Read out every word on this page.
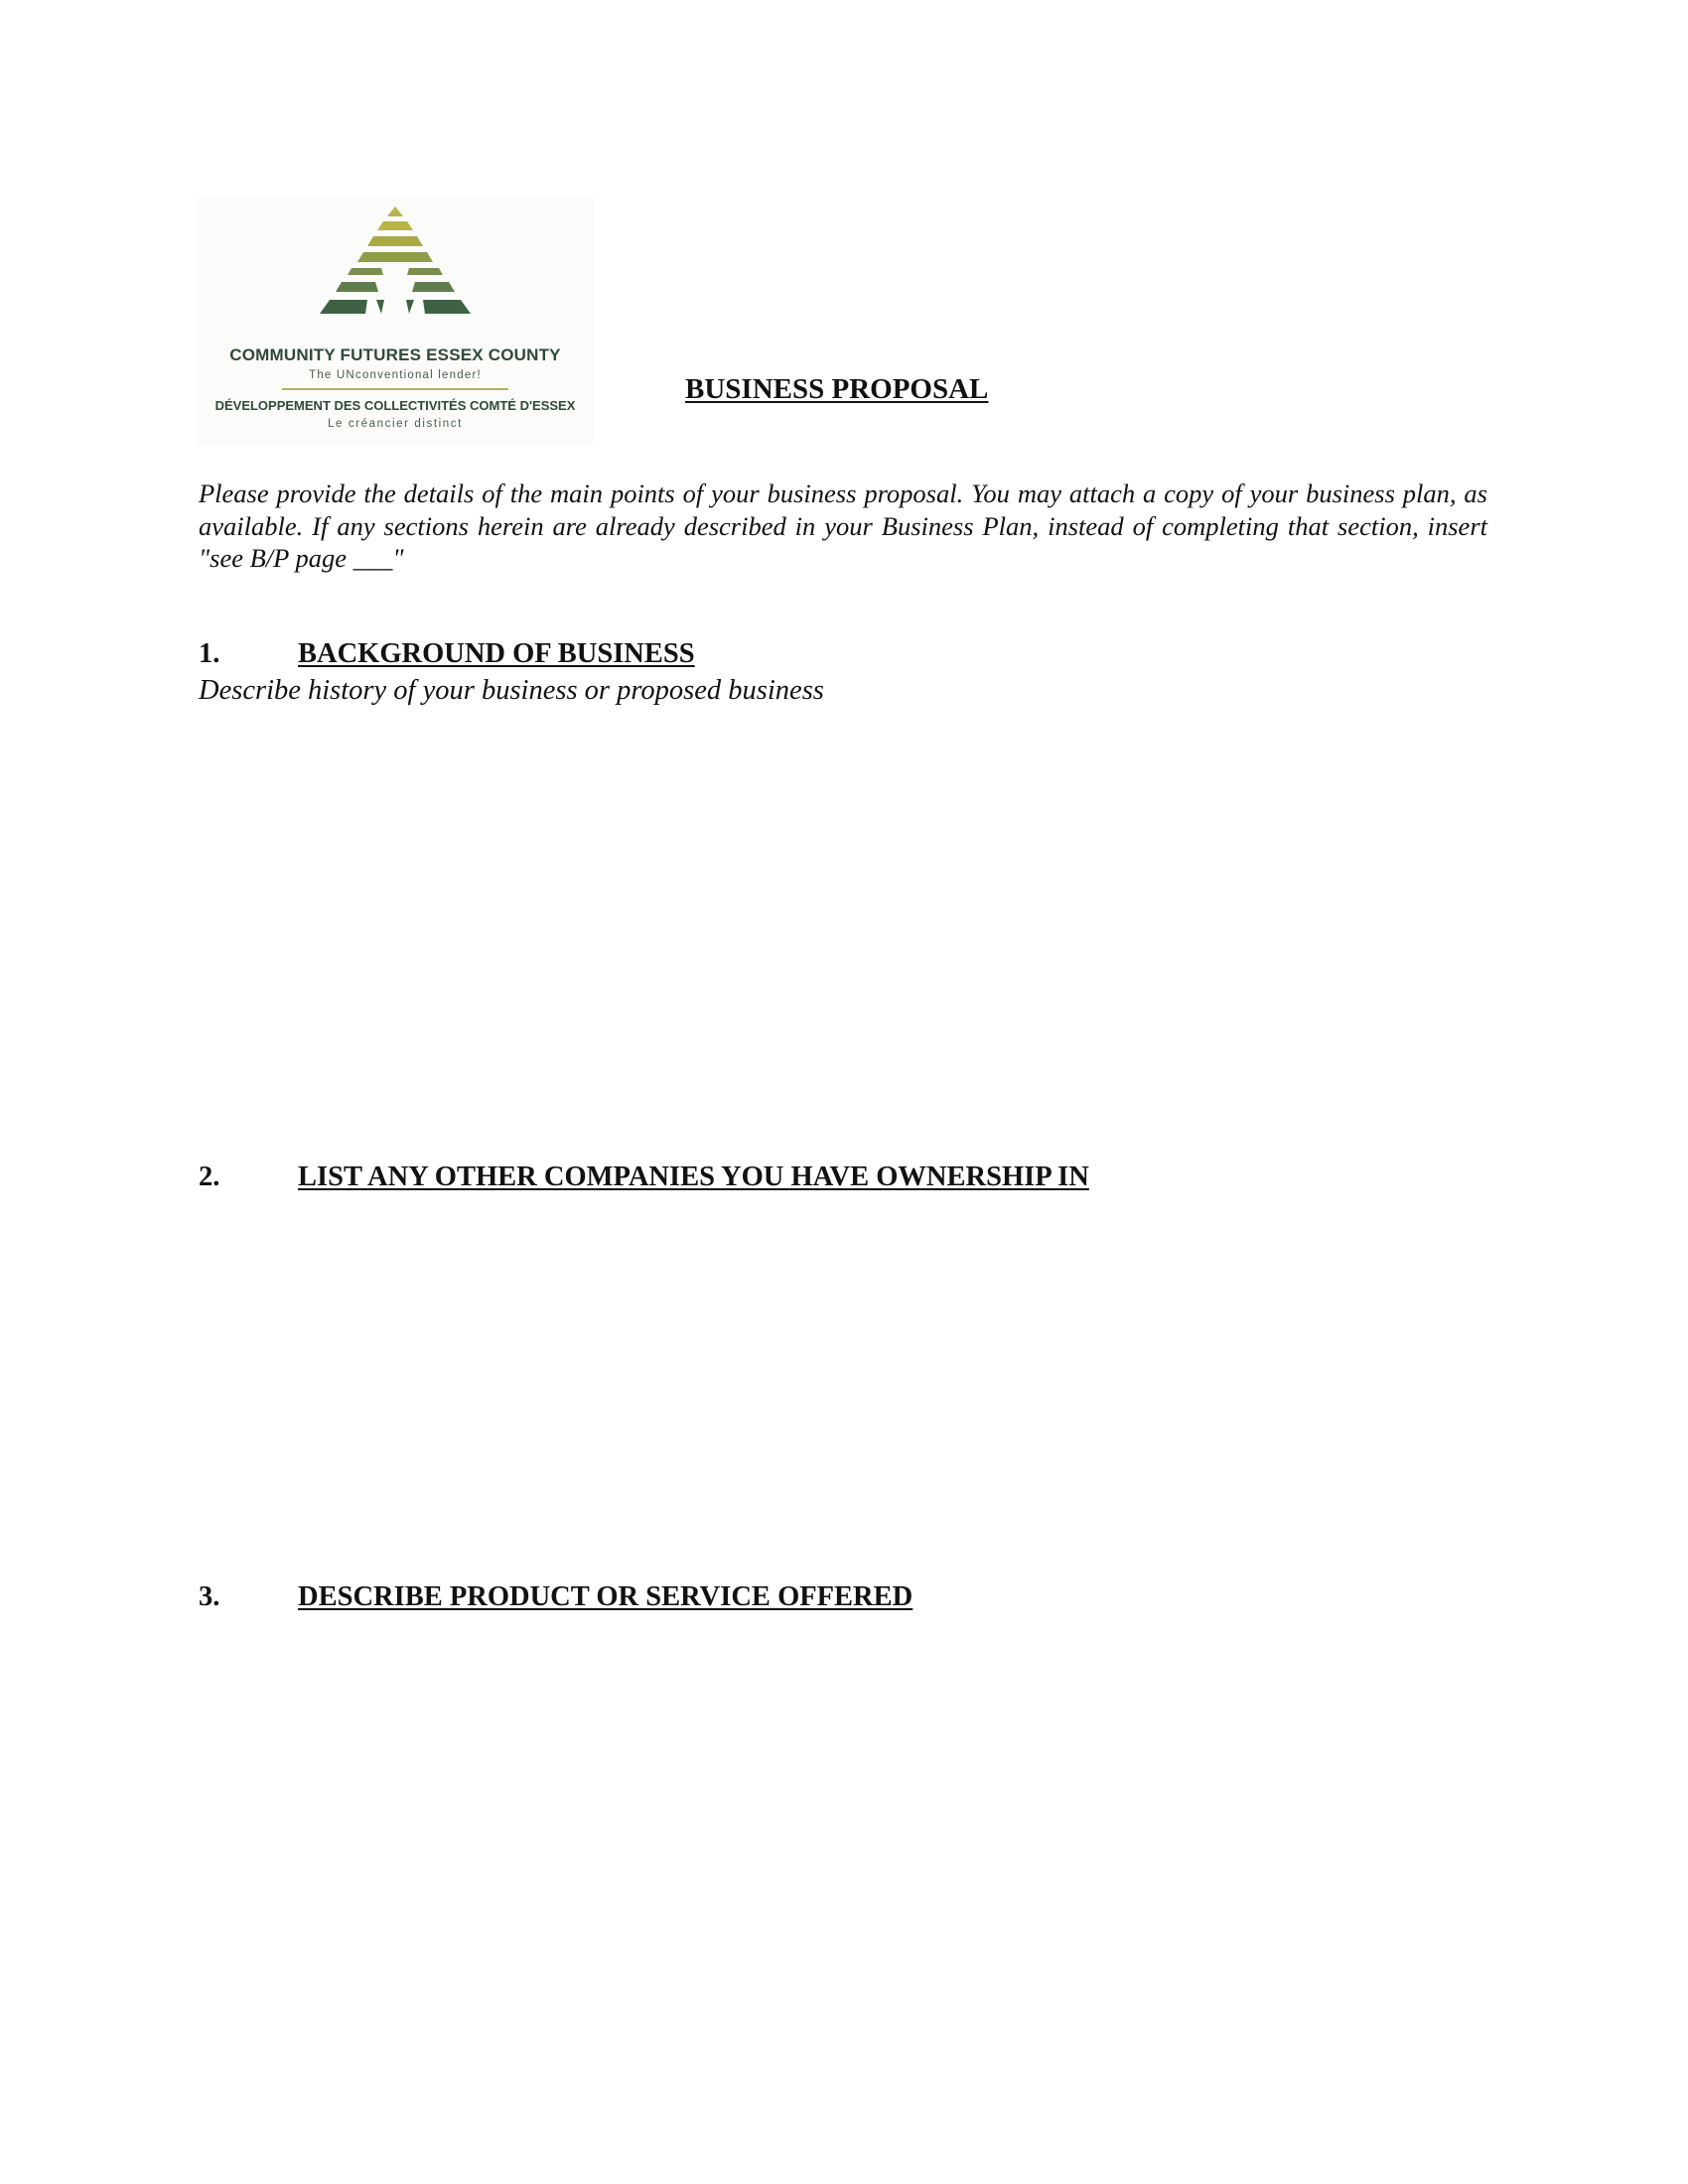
COMMUNITY FUTURES ESSEX COUNTY
The UNconventional lender!
DÉVELOPPEMENT DES COLLECTIVITÉS COMTÉ D'ESSEX
Le créancier distinct
BUSINESS PROPOSAL

Please provide the details of the main points of your business proposal. You may attach a copy of your business plan, as available. If any sections herein are already described in your Business Plan, instead of completing that section, insert "see B/P page ___"

1.	BACKGROUND OF BUSINESS
Describe history of your business or proposed business
2.	LIST ANY OTHER COMPANIES YOU HAVE OWNERSHIP IN
3.	DESCRIBE PRODUCT OR SERVICE OFFERED
